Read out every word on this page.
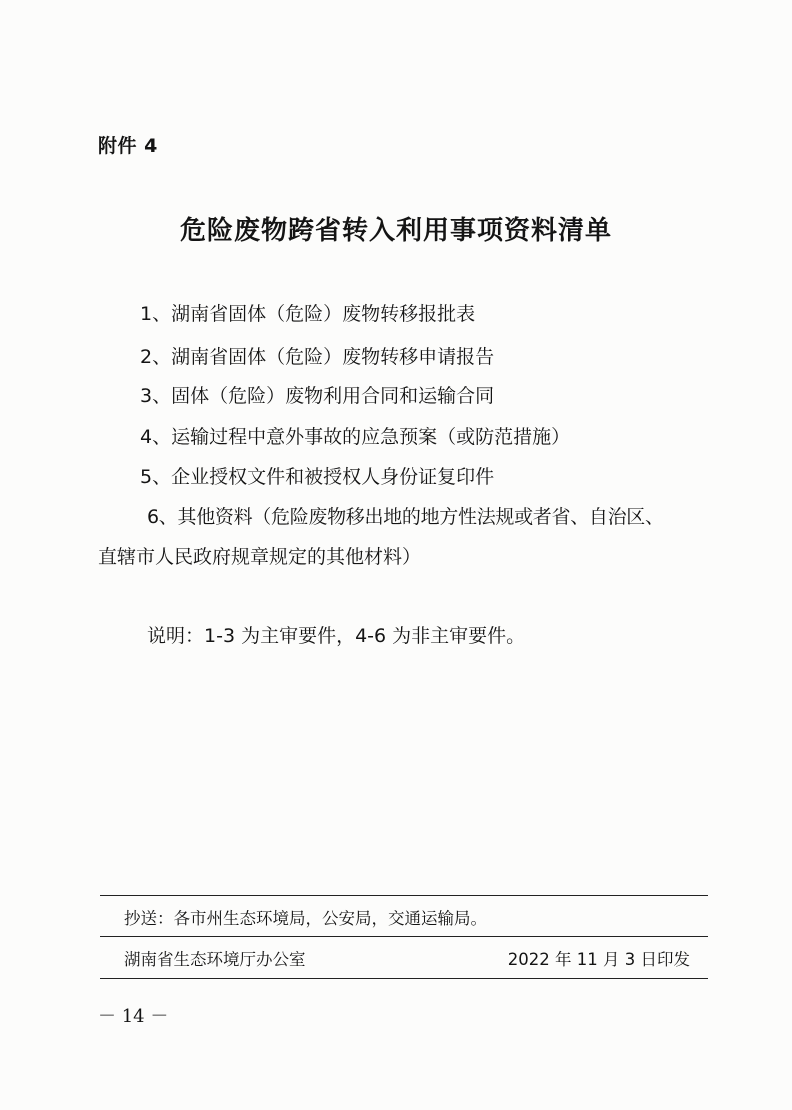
附件 4
危险废物跨省转入利用事项资料清单
1、湖南省固体（危险）废物转移报批表
2、湖南省固体（危险）废物转移申请报告
3、固体（危险）废物利用合同和运输合同
4、运输过程中意外事故的应急预案（或防范措施）
5、企业授权文件和被授权人身份证复印件
6、其他资料（危险废物移出地的地方性法规或者省、自治区、
直辖市人民政府规章规定的其他材料）
说明：1-3 为主审要件，4-6 为非主审要件。
抄送：各市州生态环境局，公安局，交通运输局。
湖南省生态环境厅办公室	2022 年 11 月 3 日印发
－ 14 －
